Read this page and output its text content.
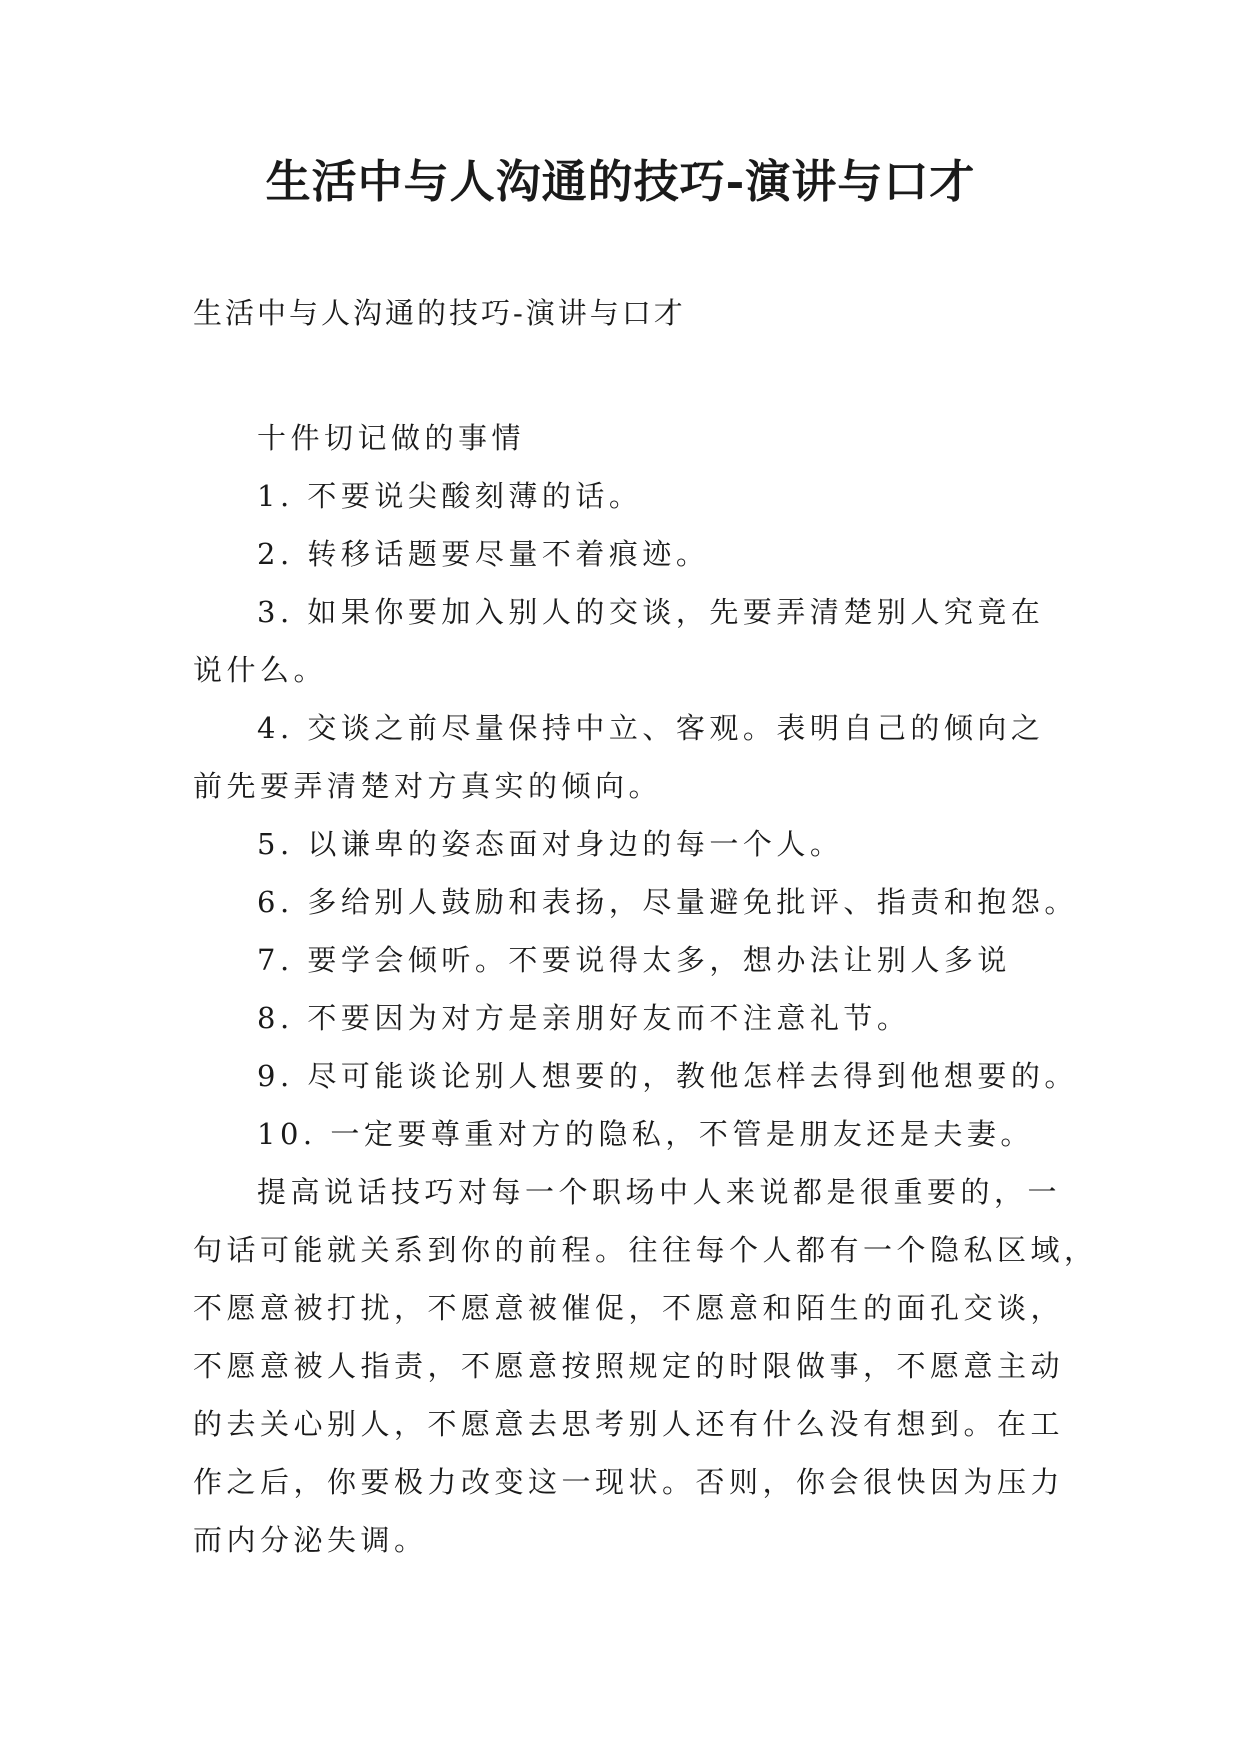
生活中与人沟通的技巧-演讲与口才

生活中与人沟通的技巧-演讲与口才

十件切记做的事情

1. 不要说尖酸刻薄的话。

2. 转移话题要尽量不着痕迹。

3. 如果你要加入别人的交谈，先要弄清楚别人究竟在
说什么。

4. 交谈之前尽量保持中立、客观。表明自己的倾向之
前先要弄清楚对方真实的倾向。

5. 以谦卑的姿态面对身边的每一个人。

6. 多给别人鼓励和表扬，尽量避免批评、指责和抱怨。

7. 要学会倾听。不要说得太多，想办法让别人多说

8. 不要因为对方是亲朋好友而不注意礼节。

9. 尽可能谈论别人想要的，教他怎样去得到他想要的。

10. 一定要尊重对方的隐私，不管是朋友还是夫妻。

提高说话技巧对每一个职场中人来说都是很重要的，一
句话可能就关系到你的前程。往往每个人都有一个隐私区域，
不愿意被打扰，不愿意被催促，不愿意和陌生的面孔交谈，
不愿意被人指责，不愿意按照规定的时限做事，不愿意主动
的去关心别人，不愿意去思考别人还有什么没有想到。在工
作之后，你要极力改变这一现状。否则，你会很快因为压力
而内分泌失调。
